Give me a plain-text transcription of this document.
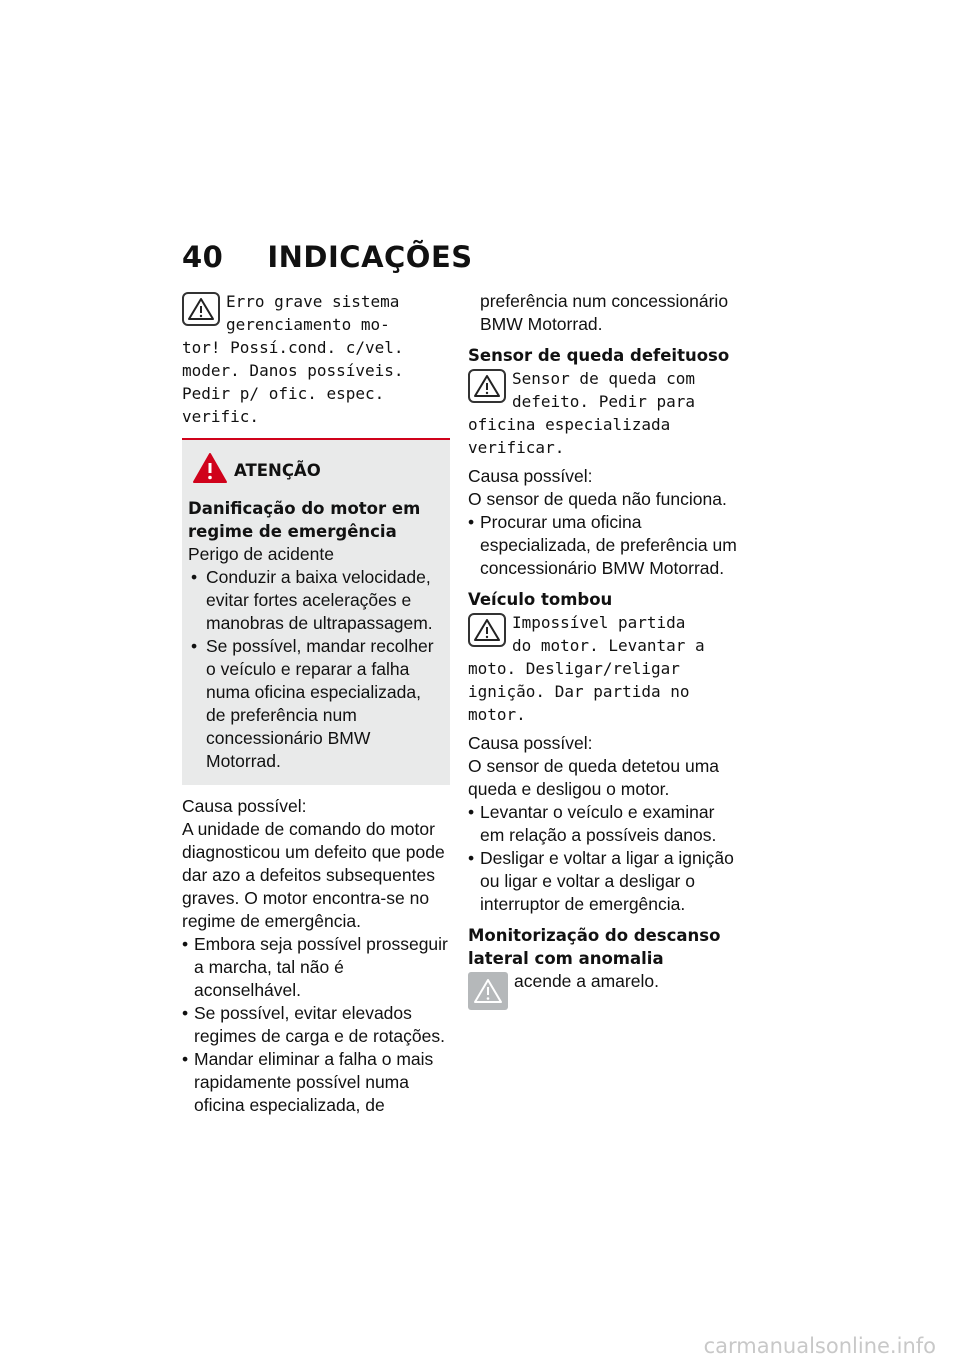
40 INDICAÇÕES
Erro grave sistema
gerenciamento mo-
tor! Possí.cond. c/vel.
moder. Danos possíveis.
Pedir p/ ofic. espec.
verific.
ATENÇÃO
Danificação do motor em regime de emergência
Perigo de acidente
• Conduzir a baixa velocidade, evitar fortes acelerações e manobras de ultrapassagem.
• Se possível, mandar recolher o veículo e reparar a falha numa oficina especializada, de preferência num concessionário BMW Motorrad.
Causa possível:
A unidade de comando do motor diagnosticou um defeito que pode dar azo a defeitos subsequentes graves. O motor encontra-se no regime de emergência.
• Embora seja possível prosseguir a marcha, tal não é aconselhável.
• Se possível, evitar elevados regimes de carga e de rotações.
• Mandar eliminar a falha o mais rapidamente possível numa oficina especializada, de
preferência num concessionário BMW Motorrad.
Sensor de queda defeituoso
Sensor de queda com
defeito. Pedir para
oficina especializada
verificar.
Causa possível:
O sensor de queda não funciona.
• Procurar uma oficina especializada, de preferência um concessionário BMW Motorrad.
Veículo tombou
Impossível partida
do motor. Levantar a
moto. Desligar/religar
ignição. Dar partida no
motor.
Causa possível:
O sensor de queda detetou uma queda e desligou o motor.
• Levantar o veículo e examinar em relação a possíveis danos.
• Desligar e voltar a ligar a ignição ou ligar e voltar a desligar o interruptor de emergência.
Monitorização do descanso lateral com anomalia
acende a amarelo.
carmanualsonline.info
